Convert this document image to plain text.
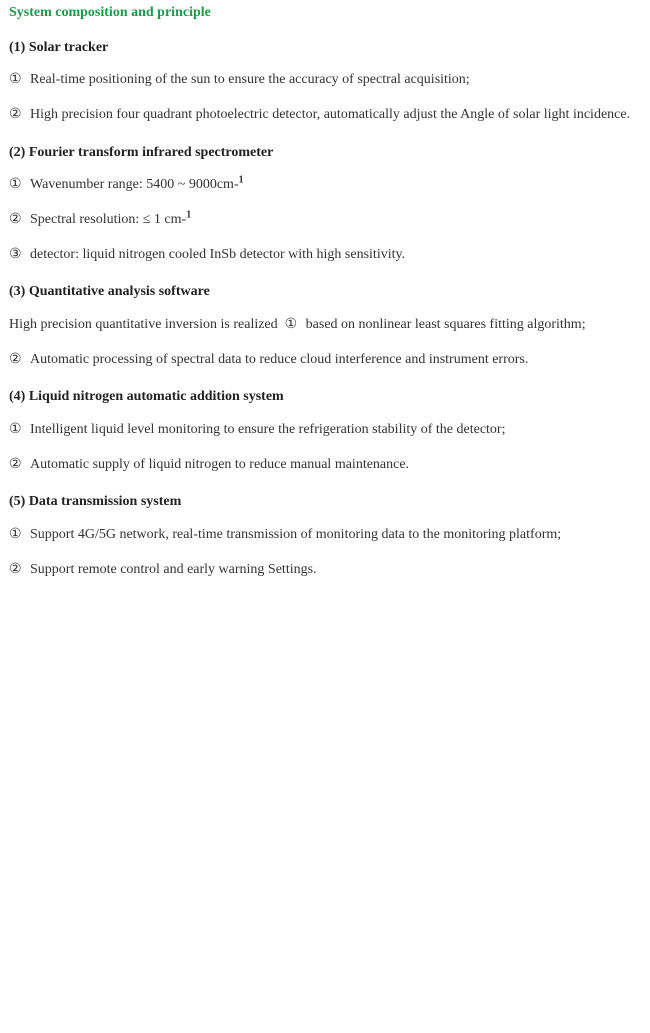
System composition and principle
(1) Solar tracker
① Real-time positioning of the sun to ensure the accuracy of spectral acquisition;
② High precision four quadrant photoelectric detector, automatically adjust the Angle of solar light incidence.
(2) Fourier transform infrared spectrometer
① Wavenumber range: 5400 ~ 9000cm-$^1$
② Spectral resolution: ≤ 1 cm-$^1$
③ detector: liquid nitrogen cooled InSb detector with high sensitivity.
(3) Quantitative analysis software
High precision quantitative inversion is realized  ① based on nonlinear least squares fitting algorithm;
② Automatic processing of spectral data to reduce cloud interference and instrument errors.
(4) Liquid nitrogen automatic addition system
① Intelligent liquid level monitoring to ensure the refrigeration stability of the detector;
② Automatic supply of liquid nitrogen to reduce manual maintenance.
(5) Data transmission system
① Support 4G/5G network, real-time transmission of monitoring data to the monitoring platform;
② Support remote control and early warning Settings.
